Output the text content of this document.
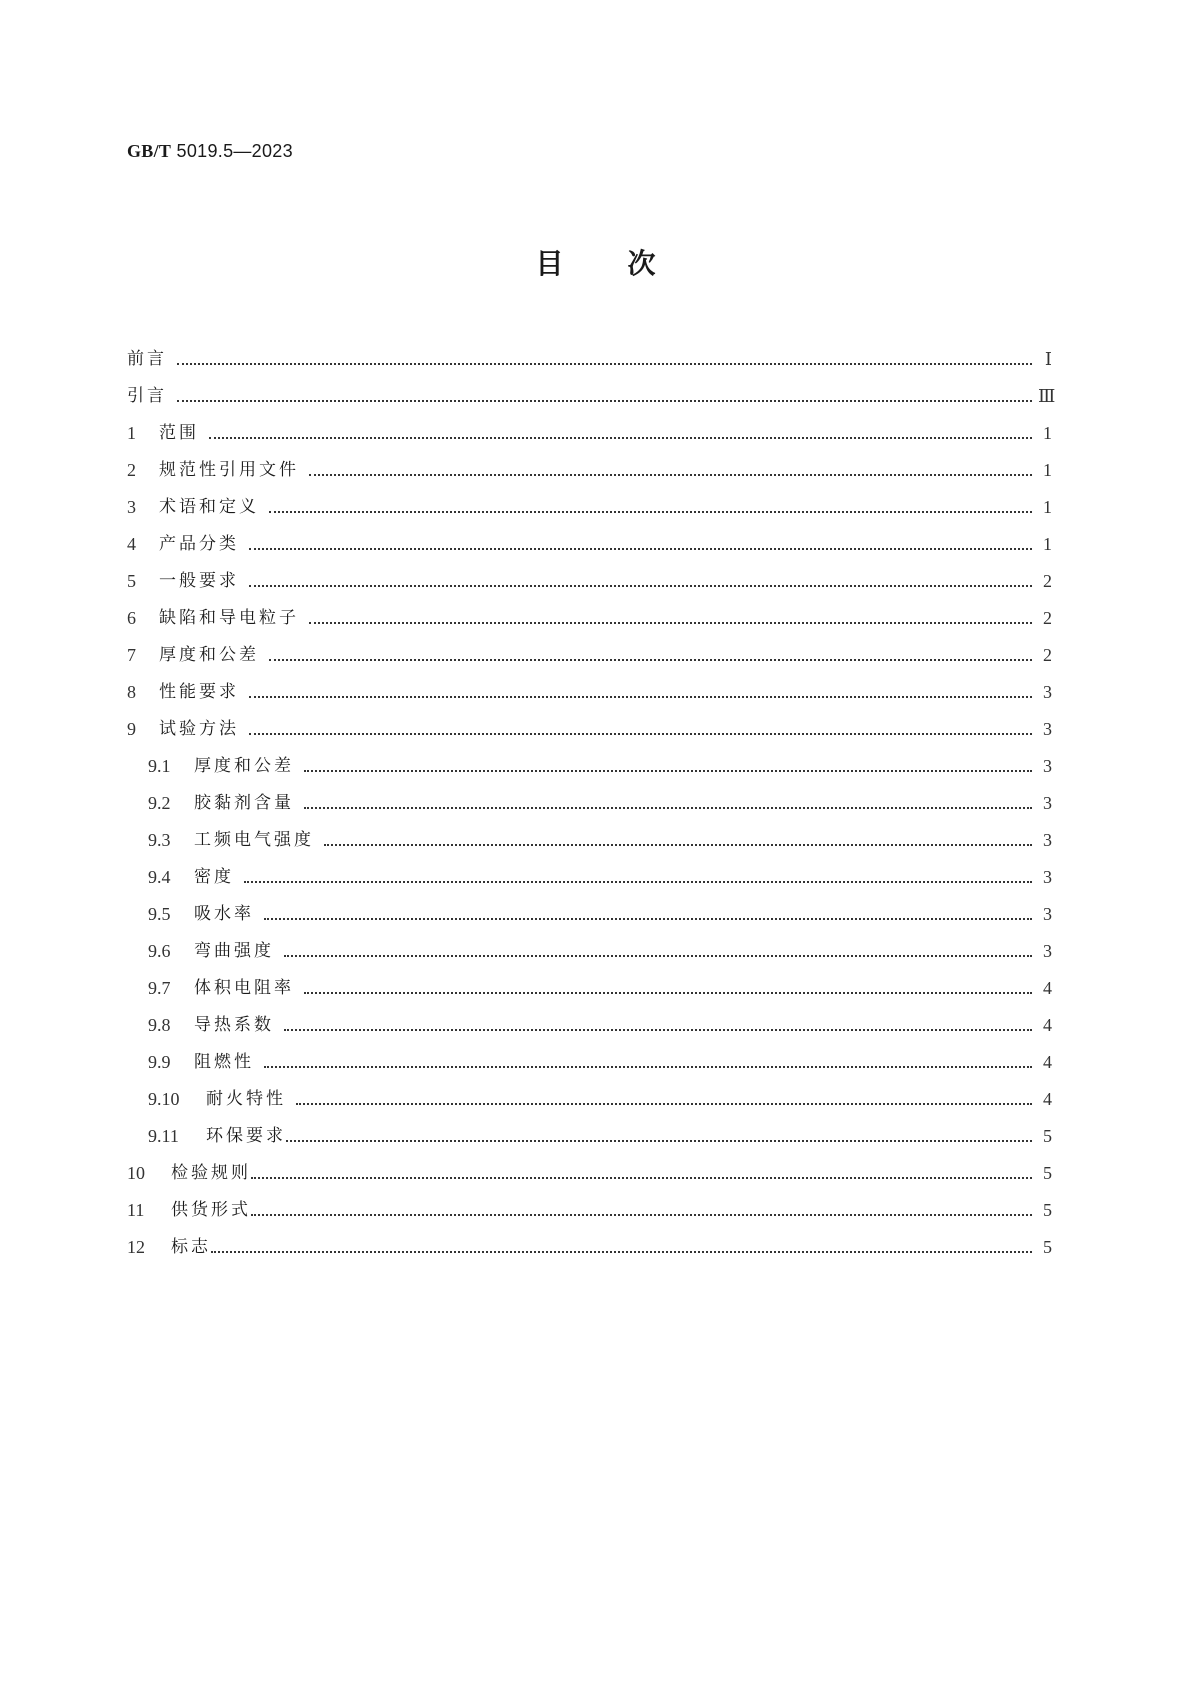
GB/T 5019.5—2023
目 次
前言	Ⅰ
引言	Ⅲ
1	范围	1
2	规范性引用文件	1
3	术语和定义	1
4	产品分类	1
5	一般要求	2
6	缺陷和导电粒子	2
7	厚度和公差	2
8	性能要求	3
9	试验方法	3
9.1	厚度和公差	3
9.2	胶黏剂含量	3
9.3	工频电气强度	3
9.4	密度	3
9.5	吸水率	3
9.6	弯曲强度	3
9.7	体积电阻率	4
9.8	导热系数	4
9.9	阻燃性	4
9.10	耐火特性	4
9.11	环保要求	5
10	检验规则	5
11	供货形式	5
12	标志	5
